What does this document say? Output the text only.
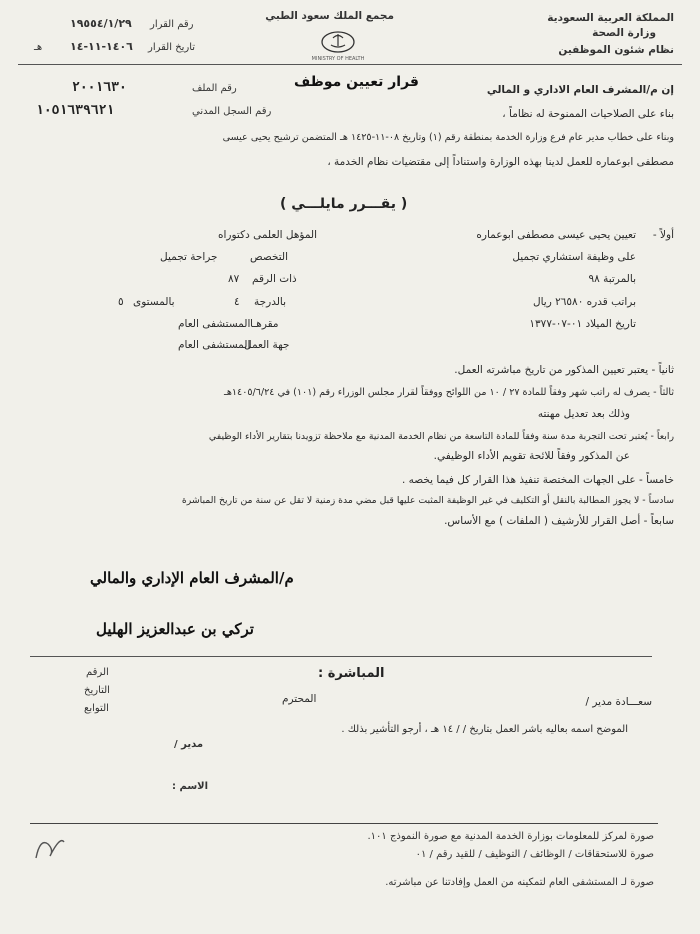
المملكة العربية السعودية
وزارة الصحة
نظام شئون الموظفين
مجمع الملك سعود الطبي
MINISTRY OF HEALTH
رقم القرار
١٩٥٥٤/١/٢٩
تاريخ القرار
١٤٠٦-١١-١٤
هـ
قرار تعيين موظف
رقم الملف
٢٠٠١٦٣٠
رقم السجل المدني
١٠٥١٦٣٩٦٢١
إن م/المشرف العام الاداري و المالي
بناء على الصلاحيات الممنوحة له نظاماً ،
وبناء على خطاب مدير عام فرع وزارة الخدمة بمنطقة رقم (١) وتاريخ ٠٨-١١-١٤٢٥ هـ المتضمن ترشيح يحيى عيسى
مصطفى ابوعماره للعمل لدينا بهذه الوزارة واستناداً إلى مقتضيات نظام الخدمة ،
( يقـــرر مايلـــي )
أولاً -
تعيين يحيى عيسى مصطفى ابوعماره
المؤهل العلمى دكتوراه
على وظيفة استشاري تجميل
التخصص
جراحة تجميل
بالمرتبة ٩٨
ذات الرقم
٨٧
براتب قدره ٢٦٥٨٠ ريال
بالدرجة
٤
بالمستوى
٥
تاريخ الميلاد ٠١-٠٧-١٣٧٧
مقرهـا
المستشفى العام
جهة العمل
المستشفى العام
ثانياً - يعتبر تعيين المذكور من تاريخ مباشرته العمل.
ثالثاً - يصرف له راتب شهر وفقاً للمادة ٢٧ / ١٠ من اللوائح ووفقاً لقرار مجلس الوزراء رقم (١٠١) في ١٤٠٥/٦/٢٤هـ
وذلك بعد تعديل مهنته
رابعاً - يُعتبر تحت التجربة مدة سنة وفقاً للمادة التاسعة من نظام الخدمة المدنية مع ملاحظة تزويدنا بتقارير الأداء الوظيفي
عن المذكور وفقاً للائحة تقويم الأداء الوظيفي.
خامساً - على الجهات المختصة تنفيذ هذا القرار كل فيما يخصه .
سادساً - لا يجوز المطالبة بالنقل أو التكليف في غير الوظيفة المثبت عليها قبل مضي مدة زمنية لا تقل عن سنة من تاريخ المباشرة
سابعاً - أصل القرار للأرشيف ( الملفات ) مع الأساس.
م/المشرف العام الإداري والمالي
تركي بن عبدالعزيز الهليل
المباشرة :
الرقم
التاريخ
التوابع
سعـــادة مدير /
المحترم
الموضح اسمه بعاليه باشر العمل بتاريخ / / ١٤ هـ ، أرجو التأشير بذلك .
مدير /
الاسم :
صورة لمركز للمعلومات بوزارة الخدمة المدنية مع صورة النموذج ١٠١.
صورة للاستحقاقات / الوظائف / التوظيف / للقيد رقم / ٠١
صورة لـ المستشفى العام لتمكينه من العمل وإفادتنا عن مباشرته.
